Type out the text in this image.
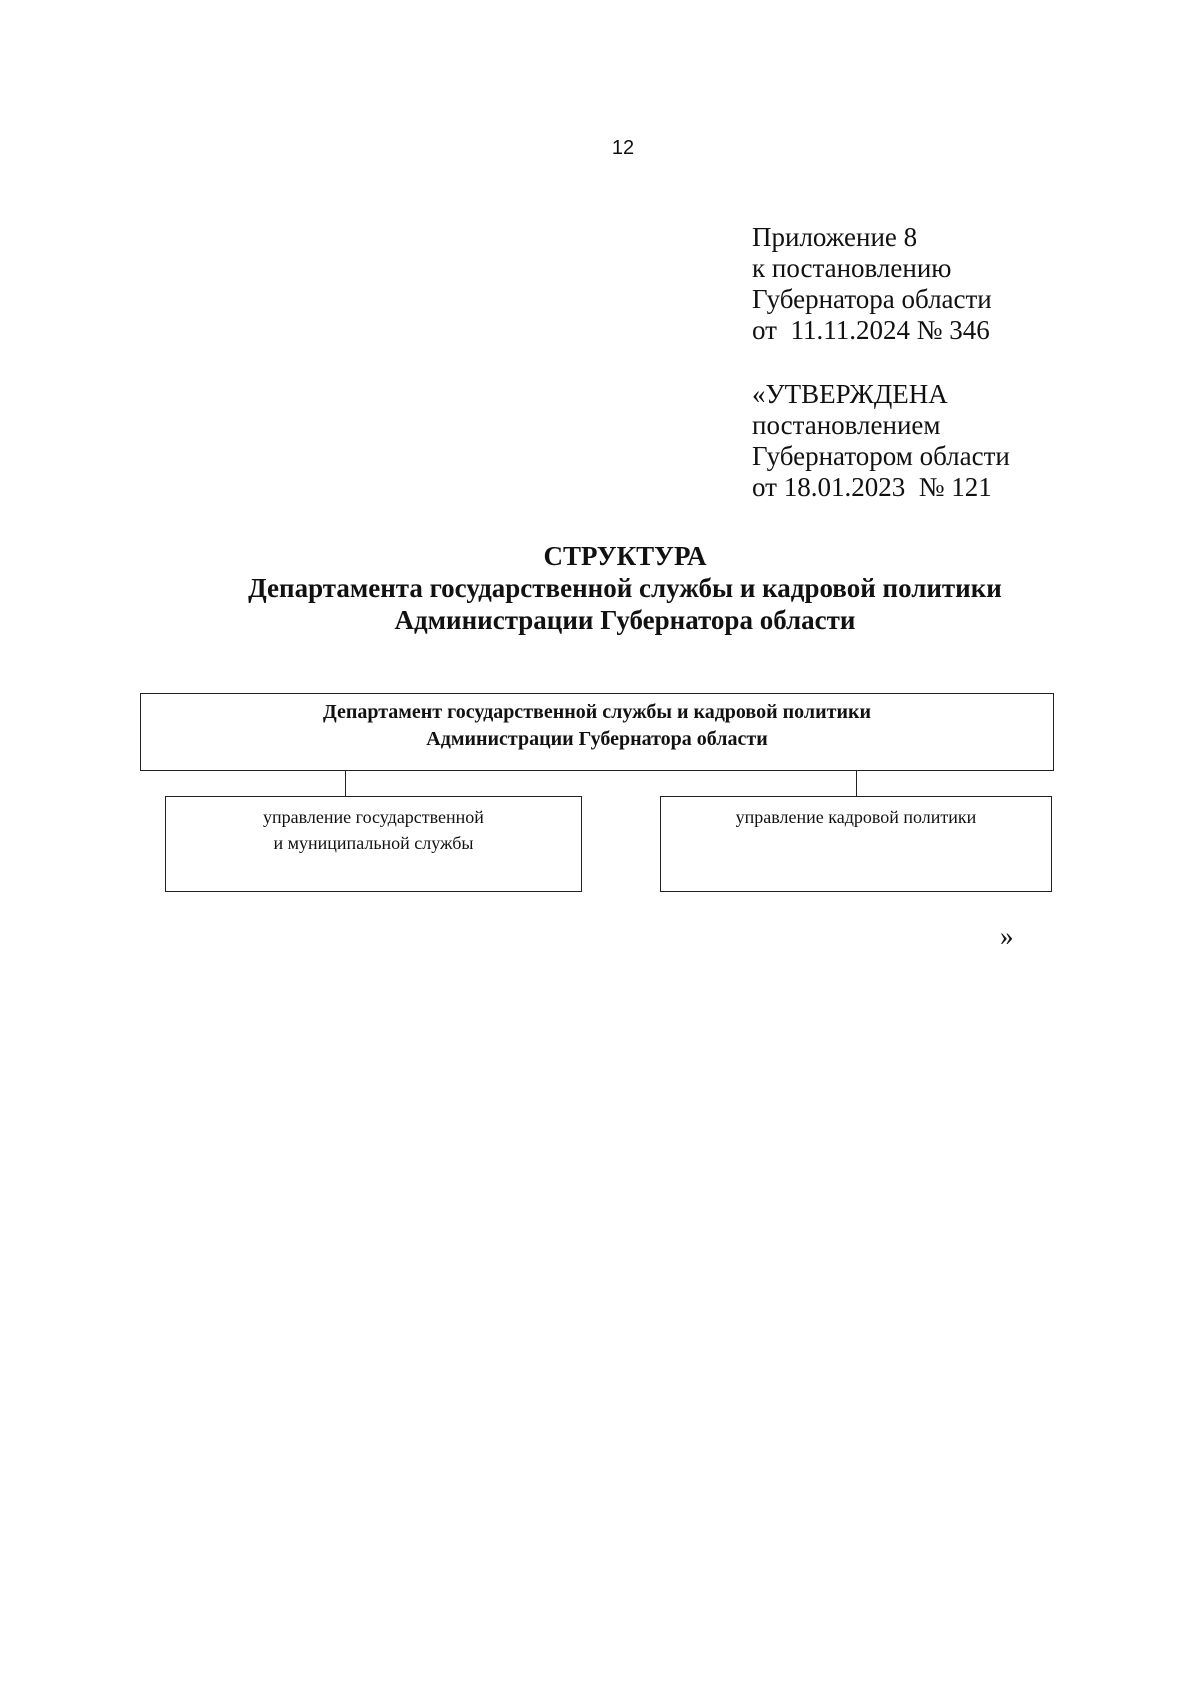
12
Приложение 8
к постановлению
Губернатора области
от  11.11.2024 № 346
«УТВЕРЖДЕНА
постановлением
Губернатором области
от 18.01.2023  № 121
СТРУКТУРА
Департамента государственной службы и кадровой политики
Администрации Губернатора области
Департамент государственной службы и кадровой политики
Администрации Губернатора области
управление государственной
и муниципальной службы
управление кадровой политики
»
